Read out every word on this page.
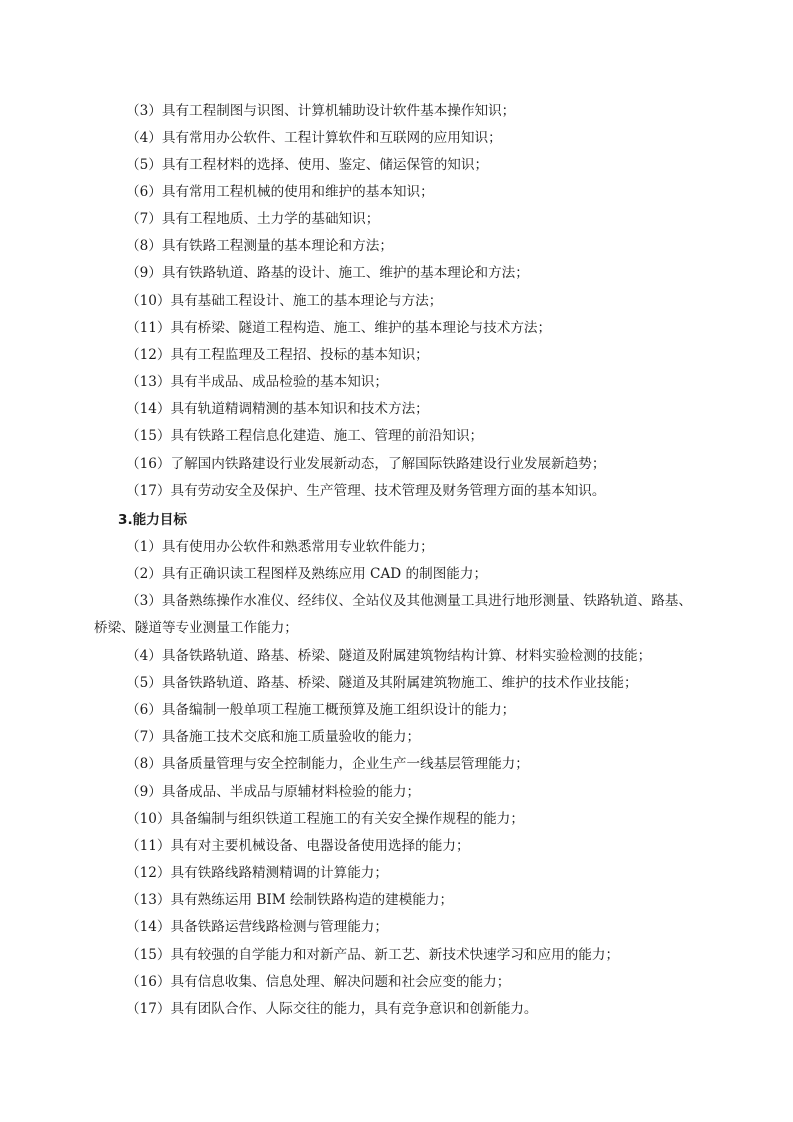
（3）具有工程制图与识图、计算机辅助设计软件基本操作知识；
（4）具有常用办公软件、工程计算软件和互联网的应用知识；
（5）具有工程材料的选择、使用、鉴定、储运保管的知识；
（6）具有常用工程机械的使用和维护的基本知识；
（7）具有工程地质、土力学的基础知识；
（8）具有铁路工程测量的基本理论和方法；
（9）具有铁路轨道、路基的设计、施工、维护的基本理论和方法；
（10）具有基础工程设计、施工的基本理论与方法；
（11）具有桥梁、隧道工程构造、施工、维护的基本理论与技术方法；
（12）具有工程监理及工程招、投标的基本知识；
（13）具有半成品、成品检验的基本知识；
（14）具有轨道精调精测的基本知识和技术方法；
（15）具有铁路工程信息化建造、施工、管理的前沿知识；
（16）了解国内铁路建设行业发展新动态，了解国际铁路建设行业发展新趋势；
（17）具有劳动安全及保护、生产管理、技术管理及财务管理方面的基本知识。
3.能力目标
（1）具有使用办公软件和熟悉常用专业软件能力；
（2）具有正确识读工程图样及熟练应用 CAD 的制图能力；
（3）具备熟练操作水准仪、经纬仪、全站仪及其他测量工具进行地形测量、铁路轨道、路基、
桥梁、隧道等专业测量工作能力；
（4）具备铁路轨道、路基、桥梁、隧道及附属建筑物结构计算、材料实验检测的技能；
（5）具备铁路轨道、路基、桥梁、隧道及其附属建筑物施工、维护的技术作业技能；
（6）具备编制一般单项工程施工概预算及施工组织设计的能力；
（7）具备施工技术交底和施工质量验收的能力；
（8）具备质量管理与安全控制能力，企业生产一线基层管理能力；
（9）具备成品、半成品与原辅材料检验的能力；
（10）具备编制与组织铁道工程施工的有关安全操作规程的能力；
（11）具有对主要机械设备、电器设备使用选择的能力；
（12）具有铁路线路精测精调的计算能力；
（13）具有熟练运用 BIM 绘制铁路构造的建模能力；
（14）具备铁路运营线路检测与管理能力；
（15）具有较强的自学能力和对新产品、新工艺、新技术快速学习和应用的能力；
（16）具有信息收集、信息处理、解决问题和社会应变的能力；
（17）具有团队合作、人际交往的能力，具有竞争意识和创新能力。
